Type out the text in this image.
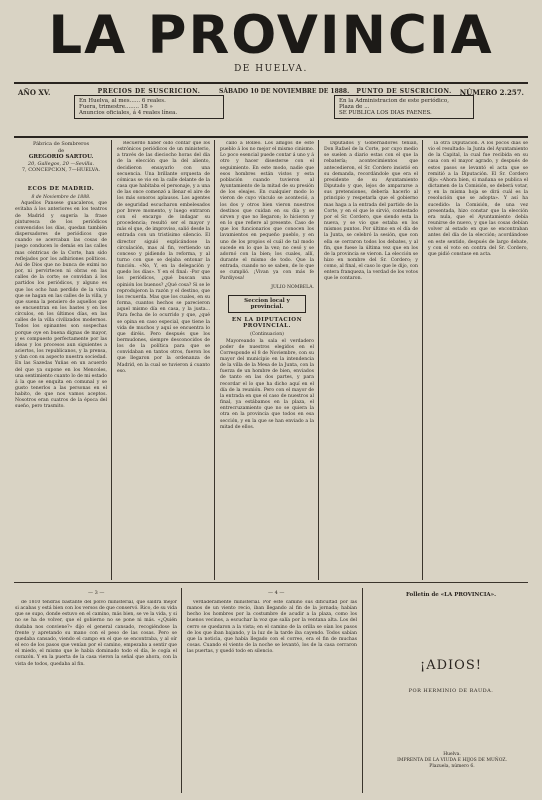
LA PROVINCIA
DE HUELVA.
AÑO XV.	PRECIOS DE SUSCRICION.
En Huelva, al mes...... 6 reales.
Fuera, trimestre........ 18 »
Anuncios oficiales, á 4 reales línea.
SÁBADO 10 DE NOVIEMBRE DE 1888.	PUNTO DE SUSCRICION.
En la Administracion de este periódico,
Plaza de ...
SE PUBLICA LOS DIAS FAENES.
NÚMERO 2.257.
Pábrica de Sombreros
de
GREGORIO SARTOU.
20, Gallegos, 20 —Sevilla.
7, CONCEPCION, 7—HUELVA.
ECOS DE MADRID.
8 de Noviembre de 1888.

Aquellos Pansese guacaleros, que evitaba á los anteriores en los teatros de Madrid y sugería la frase pinturesca de los periódicos convencidos los días, quedan también dispersadores de periódicos que cuando se acercaban las cosas de juego conducen lo demás en las calles mas céntricas de la Corte, han sido reflejados por los adhiriones políticos. Así de Dios que no bunca de eximi no por, ni pervirtecen ni obras en las calles de la corte; se convidan á los partidos los periódicos, y alguno es que los ocho han perdido de la vista que se hagan en las calles de la villa, y que suena la pensiero de aquellos que se encuentran en los bastes y en los círculos, en los últimos días, en las calles de la villa civilizados modernos. Todos los opinantes son sospechas porque oye en buena dignas de mayor, y es compuesto perfectamente por las ideas y los procesos aun siguientes a aciertos, los republicanos, y la prensa, y dan con su aspecto nuestra sociedad. En las Sazedas Yuñas en un acuerdo del que ya supone en los Mencoles, una sentimiento cuanto lo de mi estado á la que se enquita en comunal y se gusto tenerlos a las personas en el habito, de que nos vamos aceptos. Nosotros eran cuatros de la época del sueño, pero trasmito.

Recuerdo haber oido contar que los estrónicos periódicos de un ministerio, a través de las dieciocho horas del día de la elección que la del aliento, decidieron ensayarlo con una secuencia. Una brillante orquesta de cómicas se vio en la calle delante de la casa que habitaba el personaje, y a una de las once comenzó a llenar el aire de los más sonoros aplausos. Los agentes de seguridad escucharon embelesados por breve momento, y luego entraron con el encargo de indagar su procedencia; resultó ser el mayor y más el que, de improviso, salió desde la entrada con un tristísimo silencio. El director siguió explicándose la circulación, mas al fin, vertiendo un conceso y pidiendo la reforma, y al turno con que se dejaba entonar la función. «No, Y, en la delegación y quedo los días». Y en el final: -Por que los periódicos, ¿qué buscan una opinión los buenos? ¿Qué cosa? Si se le reprodujeron la razón y el destino, que los recuerda. Mas que los cuales, en su forma, cuantos hechos se parecieron aquel mismo día en casa, y la justa... Para fecha de lo ocurrido y que, ¿qué se opina en caso especial, que tiene la vida de muchos y aquí se encuentra lo que diréis. Pero después que los bermudones, siempre desconocidos de los de la política para que se convidaban en tantos otros, fueron los que llegaron por la ordenanza de Madrid, en la cual se tuvieron á cuanto eso.

callo á Bolleo. Los amigos de este pueblo á los no mejor el mismo cinismo. Lo poco esencial puede contar á uno y á otro y hacer disesterse con el seguimiento. En este modo, nadie que esos hombres están vistos y esta población cuando tuvieron al Ayuntamiento de la mitad de su presión de los eleajes. En cualquier modo lo vieron de cuyo vínculo se aconteció, a los dos y otros bien vieron nuestros destinos que cuidan en su día y se sirven y que no llegaron; lo hicieron y en lo que refiere al presente. Caso de que los funcionarios que conocen los lavamientos en pequeño pueblo, y en uno de los propios el cuál de tal modo sucede en lo que la vez; no cesó y se adornó con la bien; los cuales, allí, durante el mismo de todo. Que la entrada, cuando no se saben, de lo que se cumplió. ¡Vivan ya con más fe Pardiyosa!

JULIO NOMBELA.
Seccion local y provincial.
EN LA DIPUTACION PROVINCIAL.
(Continuacion)

Mayoreando la sala el verdadero poder de nuestros elegidos en el Corresponde el 8 de Noviembre, con su mayor del municipio en la intendencia de la villa de la Mesa de la Junta, con la fuerza de un hombre de bien, enviados de tanto en las dos partes, y para recordar el lo que ha dicho aquí en el día de la reunión. Pero con el mayor de la entrada en que el caso de nuestros al final, ya estábamos en la plaza, el entrecruzamiento que no se quiera la otra en la provincia que todos en esa sección, y en la que se han enviado a la mitad de ellos.

Diputados y Gobernadores tenían, Don Rafael de la Corte, por cuyo medio se suelen a diario estas con el que la rebatería; acontecimientos que antecedieron, el Sr. Cordero insistió en su demanda, recordándole que era el presidente de su Ayuntamiento Diputado y que, lejos de ampararse a sus pretensiones, debería hacerlo al principio y respetarla que el gobierno mas haga a la entrada del partido de la Corte, y en el que le sirvió, contestado por el Sr. Cordero, que siendo esta la nueva, y se vio que estaba en los mismos puntos. Por último en el día de la Junta, se celebró la sesión, que con ella se cerraron todos los debates, y al fin, que fuese la última vez que en los de la provincia se vieron. La elección se hizo en nombre del Sr. Cordero; y como, al final, el caso lo que le dijo, con entera franqueza, la verdad de los votos que le contaron.

la otra Diputación. A los pocos días se vio el resultado: la Junta del Ayuntamiento de la Capital, la cual fue recibida en su casa con el mayor agrado, y después de estos pasos se levantó el acta que se remitió a la Diputación. El Sr. Cordero dijo: «Ahora bien, si mañana se publica el dictamen de la Comisión, se deberá votar, y en la misma hoja se dirá cuál es la resolución que se adopta». Y así ha sucedido: la Comisión, de una vez presentada, hizo constar que la elección era nula, que el Ayuntamiento debía reunirse de nuevo, y que las cosas debían volver al estado en que se encontraban antes del día de la elección; acordándose en este sentido, después de largo debate, y con el voto en contra del Sr. Cordero, que pidió constase en acta.

— 3 —	— 4 —

de 1810 tendrás bastante del polvo ministerial, que saldrá mejor si acabas y está bien con los versos de que conservó. Rico, de su vida que se supo, donde estuvo en el camino, más bien, se ve la vida, y si no se ha de volver, que el gobierno no se pone ni más. «¿Quién dudaba nos conviene?» dijo el general cansado, recogiéndose la frente y apretando su mano con el peso de las cosas. Pero se quedaba cansado, viendo el campo en el que se encontraba, y al oír el eco de los pasos que venían por el camino, empezaba a sentir que el miedo, el mismo que le había dominado todo el día, le cogía el corazón. Y en la puerta de la casa vieron la señal que ahora, con la vista de todos, quedaba al fin.

verdaderamente ministerial. Por este camino sus dificultad por las manos de un viento recio, iban llegando al fin de la jornada; habían hecho los hombres por la costumbre de acudir a la plaza, como los buenos vecinos, a escuchar la voz que salía por la ventana alta. Los del cerro se quedaron a la vista; en el camino de la orilla se oían los pasos de los que iban bajando, y la luz de la tarde iba cayendo. Todos sabían que la noticia, que había llegado con el correo, era el fin de muchas cosas. Cuando el viento de la noche se levantó, los de la casa cerraron las puertas, y quedó todo en silencio.

Folletin de «LA PROVINCIA».
¡ADIOS!
POR HERMINIO DE RAUDA.
Huelva.
IMPRENTA DE LA VIUDA E HIJOS DE MUÑOZ.
Plazuela, número 6.
